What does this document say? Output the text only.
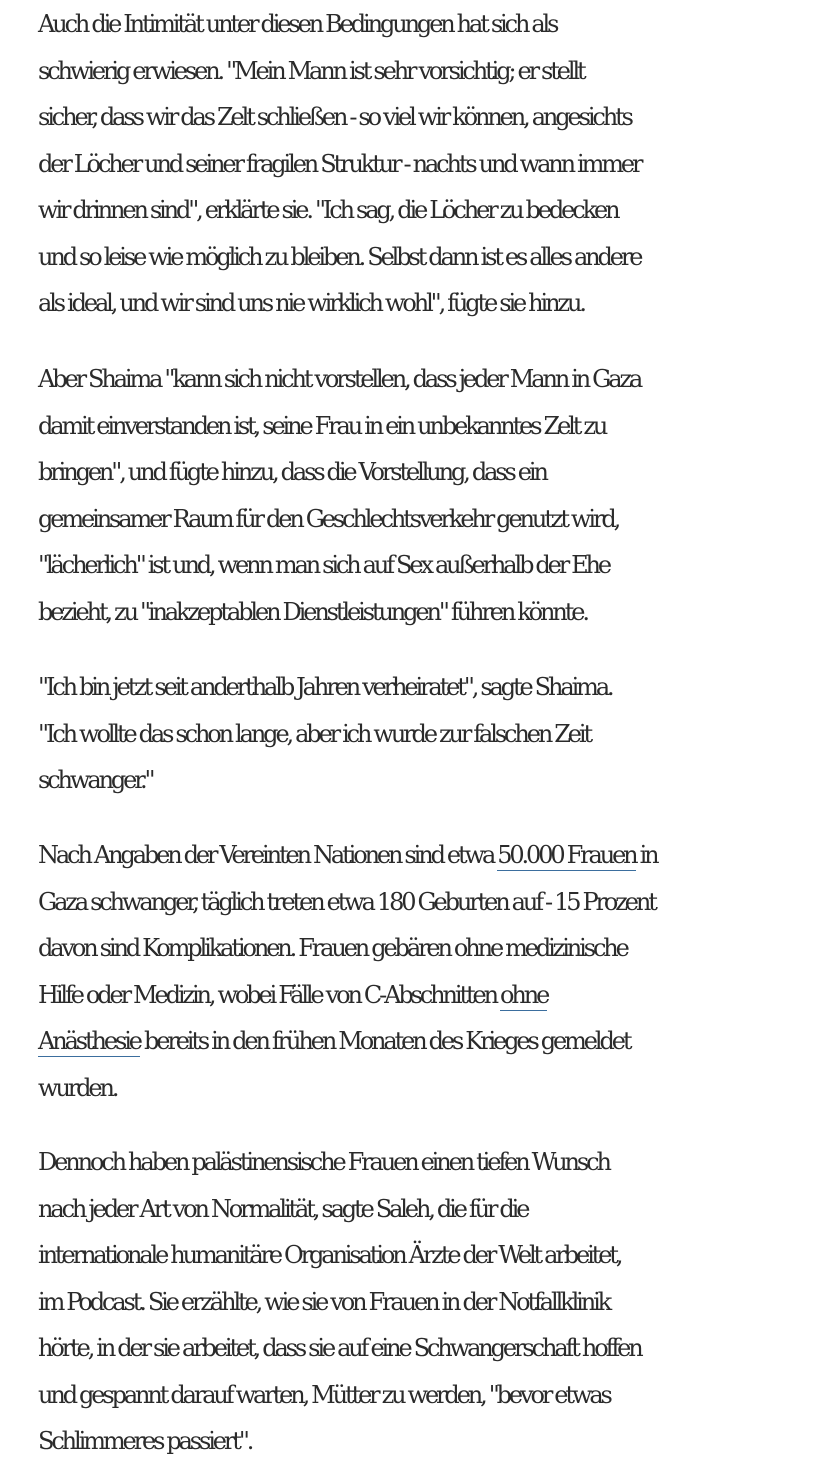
Auch die Intimität unter diesen Bedingungen hat sich als
schwierig erwiesen. "Mein Mann ist sehr vorsichtig; er stellt
sicher, dass wir das Zelt schließen - so viel wir können, angesichts
der Löcher und seiner fragilen Struktur - nachts und wann immer
wir drinnen sind", erklärte sie. "Ich sag, die Löcher zu bedecken
und so leise wie möglich zu bleiben. Selbst dann ist es alles andere
als ideal, und wir sind uns nie wirklich wohl", fügte sie hinzu.

Aber Shaima "kann sich nicht vorstellen, dass jeder Mann in Gaza
damit einverstanden ist, seine Frau in ein unbekanntes Zelt zu
bringen", und fügte hinzu, dass die Vorstellung, dass ein
gemeinsamer Raum für den Geschlechtsverkehr genutzt wird,
"lächerlich" ist und, wenn man sich auf Sex außerhalb der Ehe
bezieht, zu "inakzeptablen Dienstleistungen" führen könnte.

"Ich bin jetzt seit anderthalb Jahren verheiratet", sagte Shaima.
"Ich wollte das schon lange, aber ich wurde zur falschen Zeit
schwanger."

Nach Angaben der Vereinten Nationen sind etwa 50.000 Frauen in
Gaza schwanger, täglich treten etwa 180 Geburten auf - 15 Prozent
davon sind Komplikationen. Frauen gebären ohne medizinische
Hilfe oder Medizin, wobei Fälle von C-Abschnitten ohne
Anästhesie bereits in den frühen Monaten des Krieges gemeldet
wurden.

Dennoch haben palästinensische Frauen einen tiefen Wunsch
nach jeder Art von Normalität, sagte Saleh, die für die
internationale humanitäre Organisation Ärzte der Welt arbeitet,
im Podcast. Sie erzählte, wie sie von Frauen in der Notfallklinik
hörte, in der sie arbeitet, dass sie auf eine Schwangerschaft hoffen
und gespannt darauf warten, Mütter zu werden, "bevor etwas
Schlimmeres passiert".
